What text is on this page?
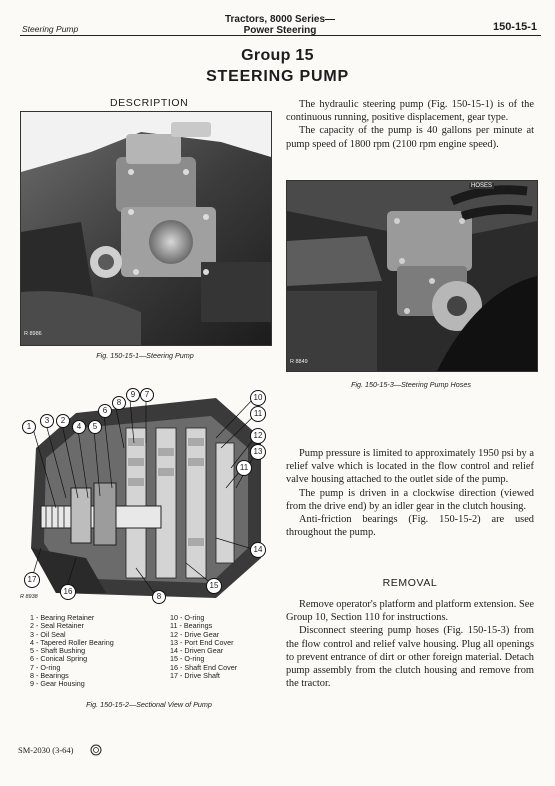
Steering Pump
Tractors, 8000 Series—
Power Steering	150-15-1
Group 15
STEERING PUMP
DESCRIPTION
R 8986
Fig. 150-15-1—Steering Pump

The hydraulic steering pump (Fig. 150-15-1) is of the continuous running, positive displacement, gear type.

The capacity of the pump is 40 gallons per minute at pump speed of 1800 rpm (2100 rpm engine speed).

HOSES
R 8849
Fig. 150-15-3—Steering Pump Hoses
1
3	2
4	5
6
8
9	7	10
11
12
13
11
14
15
8
16
17
R 8938
1 - Bearing Retainer
2 - Seal Retainer
3 - Oil Seal
4 - Tapered Roller Bearing
5 - Shaft Bushing
6 - Conical Spring
7 - O-ring
8 - Bearings
9 - Gear Housing
10 - O-ring
11 - Bearings
12 - Drive Gear
13 - Port End Cover
14 - Driven Gear
15 - O-ring
16 - Shaft End Cover
17 - Drive Shaft
Fig. 150-15-2—Sectional View of Pump

Pump pressure is limited to approximately 1950 psi by a relief valve which is located in the flow control and relief valve housing attached to the outlet side of the pump.

The pump is driven in a clockwise direction (viewed from the drive end) by an idler gear in the clutch housing.

Anti-friction bearings (Fig. 150-15-2) are used throughout the pump.

REMOVAL

Remove operator's platform and platform extension. See Group 10, Section 110 for instructions.

Disconnect steering pump hoses (Fig. 150-15-3) from the flow control and relief valve housing. Plug all openings to prevent entrance of dirt or other foreign material. Detach pump assembly from the clutch housing and remove from the tractor.

SM-2030 (3-64)
